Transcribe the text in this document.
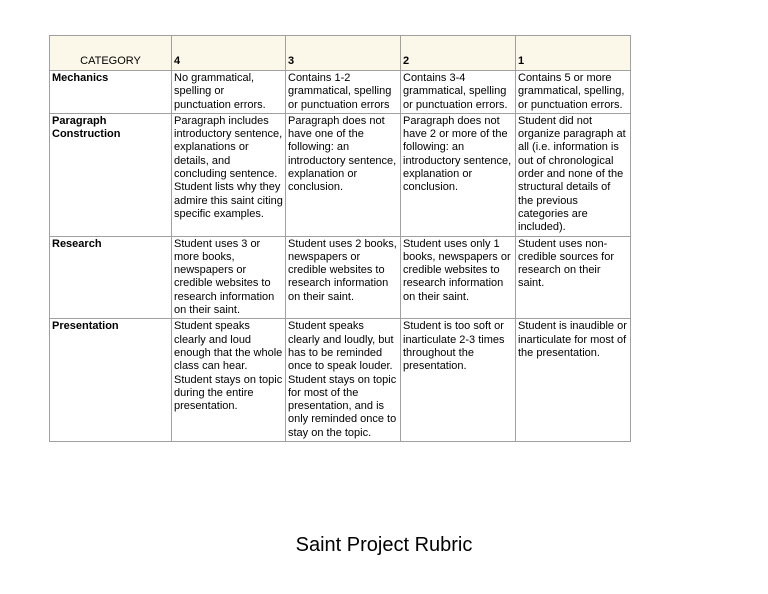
CATEGORY	4	3	2	1
Mechanics	No grammatical, spelling or punctuation errors.	Contains 1-2 grammatical, spelling or punctuation errors	Contains 3-4 grammatical, spelling or punctuation errors.	Contains 5 or more grammatical, spelling, or punctuation errors.
Paragraph Construction	Paragraph includes introductory sentence, explanations or details, and concluding sentence. Student lists why they admire this saint citing specific examples.	Paragraph does not have one of the following: an introductory sentence, explanation or conclusion.	Paragraph does not have 2 or more of the following: an introductory sentence, explanation or conclusion.	Student did not organize paragraph at all (i.e. information is out of chronological order and none of the structural details of the previous categories are included).
Research	Student uses 3 or more books, newspapers or credible websites to research information on their saint.	Student uses 2 books, newspapers or credible websites to research information on their saint.	Student uses only 1 books, newspapers or credible websites to research information on their saint.	Student uses non-credible sources for research on their saint.
Presentation	Student speaks clearly and loud enough that the whole class can hear. Student stays on topic during the entire presentation.	Student speaks clearly and loudly, but has to be reminded once to speak louder. Student stays on topic for most of the presentation, and is only reminded once to stay on the topic.	Student is too soft or inarticulate 2-3 times throughout the presentation.	Student is inaudible or inarticulate for most of the presentation.
Saint Project Rubric
